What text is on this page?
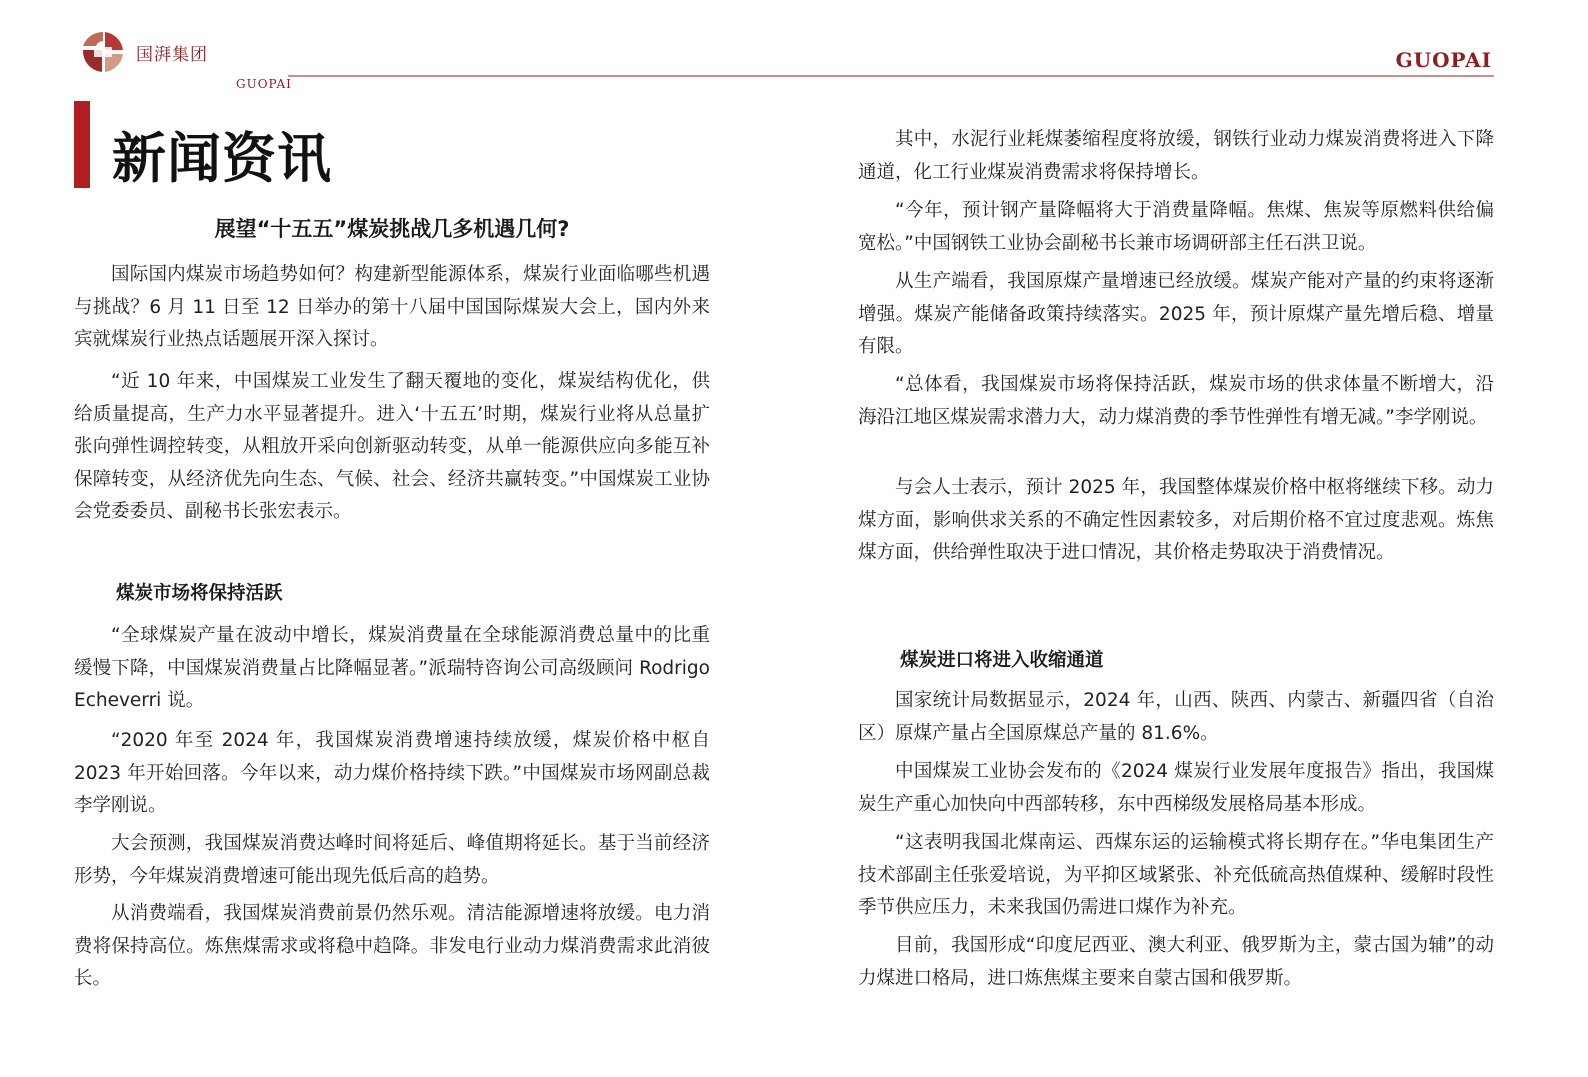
国湃集团
GUOPAI
GUOPAI
新闻资讯
展望“十五五”煤炭挑战几多机遇几何?

国际国内煤炭市场趋势如何？构建新型能源体系，煤炭行业面临哪些机遇与挑战？6 月 11 日至 12 日举办的第十八届中国国际煤炭大会上，国内外来宾就煤炭行业热点话题展开深入探讨。

“近 10 年来，中国煤炭工业发生了翻天覆地的变化，煤炭结构优化，供给质量提高，生产力水平显著提升。进入‘十五五’时期，煤炭行业将从总量扩张向弹性调控转变，从粗放开采向创新驱动转变，从单一能源供应向多能互补保障转变，从经济优先向生态、气候、社会、经济共赢转变。”中国煤炭工业协会党委委员、副秘书长张宏表示。

煤炭市场将保持活跃

“全球煤炭产量在波动中增长，煤炭消费量在全球能源消费总量中的比重缓慢下降，中国煤炭消费量占比降幅显著。”派瑞特咨询公司高级顾问 Rodrigo Echeverri 说。

“2020 年至 2024 年，我国煤炭消费增速持续放缓，煤炭价格中枢自 2023 年开始回落。今年以来，动力煤价格持续下跌。”中国煤炭市场网副总裁李学刚说。

大会预测，我国煤炭消费达峰时间将延后、峰值期将延长。基于当前经济形势，今年煤炭消费增速可能出现先低后高的趋势。

从消费端看，我国煤炭消费前景仍然乐观。清洁能源增速将放缓。电力消费将保持高位。炼焦煤需求或将稳中趋降。非发电行业动力煤消费需求此消彼长。

其中，水泥行业耗煤萎缩程度将放缓，钢铁行业动力煤炭消费将进入下降通道，化工行业煤炭消费需求将保持增长。

“今年，预计钢产量降幅将大于消费量降幅。焦煤、焦炭等原燃料供给偏宽松。”中国钢铁工业协会副秘书长兼市场调研部主任石洪卫说。

从生产端看，我国原煤产量增速已经放缓。煤炭产能对产量的约束将逐渐增强。煤炭产能储备政策持续落实。2025 年，预计原煤产量先增后稳、增量有限。

“总体看，我国煤炭市场将保持活跃，煤炭市场的供求体量不断增大，沿海沿江地区煤炭需求潜力大，动力煤消费的季节性弹性有增无减。”李学刚说。

与会人士表示，预计 2025 年，我国整体煤炭价格中枢将继续下移。动力煤方面，影响供求关系的不确定性因素较多，对后期价格不宜过度悲观。炼焦煤方面，供给弹性取决于进口情况，其价格走势取决于消费情况。

煤炭进口将进入收缩通道

国家统计局数据显示，2024 年，山西、陕西、内蒙古、新疆四省（自治区）原煤产量占全国原煤总产量的 81.6%。

中国煤炭工业协会发布的《2024 煤炭行业发展年度报告》指出，我国煤炭生产重心加快向中西部转移，东中西梯级发展格局基本形成。

“这表明我国北煤南运、西煤东运的运输模式将长期存在。”华电集团生产技术部副主任张爱培说，为平抑区域紧张、补充低硫高热值煤种、缓解时段性季节供应压力，未来我国仍需进口煤作为补充。

目前，我国形成“印度尼西亚、澳大利亚、俄罗斯为主，蒙古国为辅”的动力煤进口格局，进口炼焦煤主要来自蒙古国和俄罗斯。
